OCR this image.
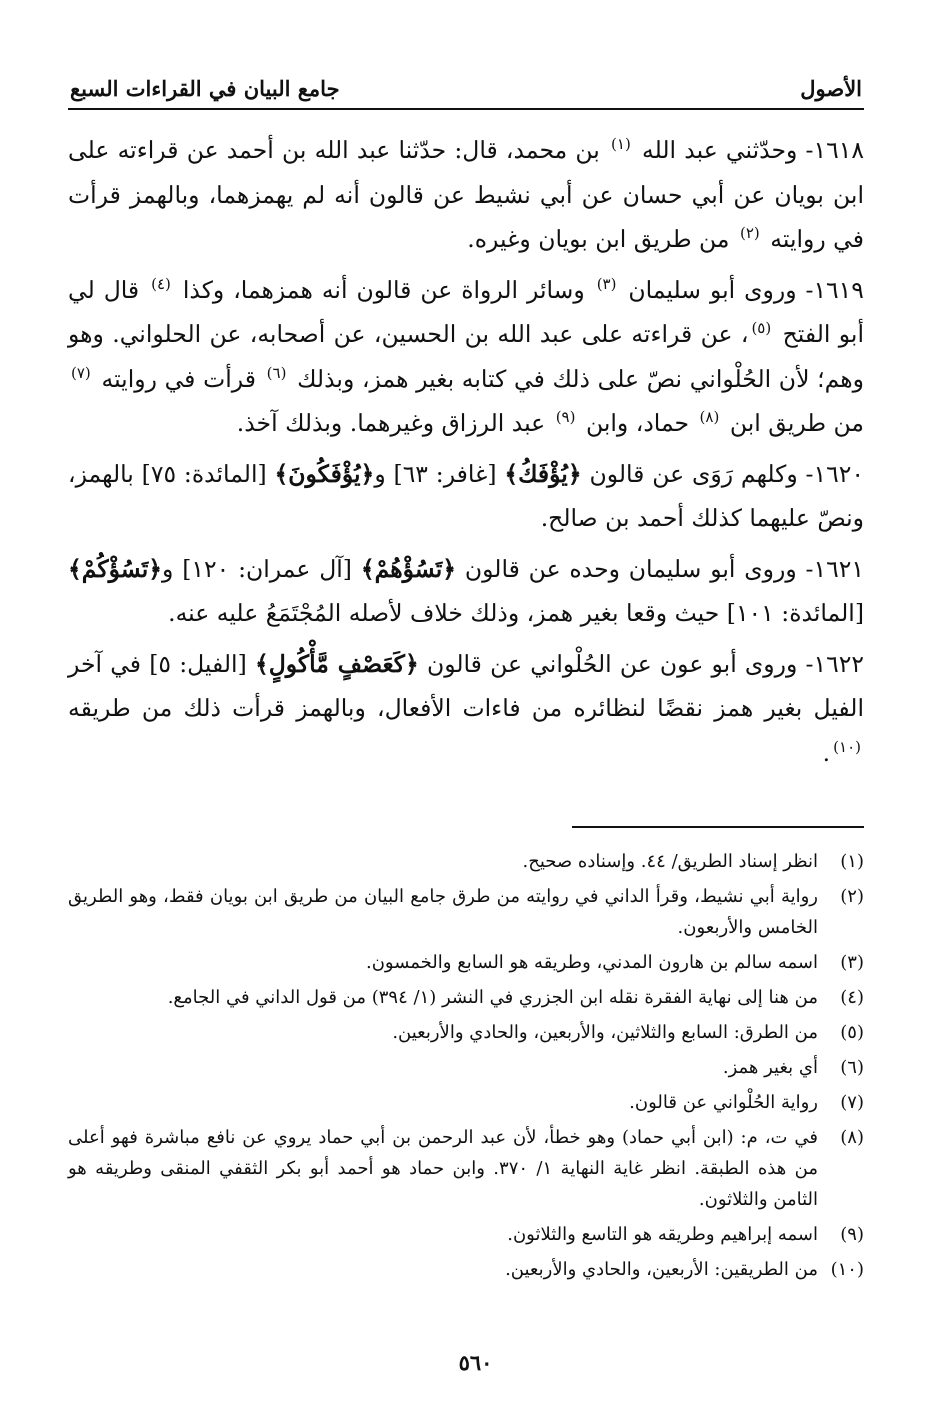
الأصول
جامع البيان في القراءات السبع

١٦١٨- وحدّثني عبد الله $^{(١)}$ بن محمد، قال: حدّثنا عبد الله بن أحمد عن قراءته على ابن بويان عن أبي حسان عن أبي نشيط عن قالون أنه لم يهمزهما، وبالهمز قرأت في روايته $^{(٢)}$ من طريق ابن بويان وغيره.

١٦١٩- وروى أبو سليمان $^{(٣)}$ وسائر الرواة عن قالون أنه همزهما، وكذا $^{(٤)}$ قال لي أبو الفتح $^{(٥)}$، عن قراءته على عبد الله بن الحسين، عن أصحابه، عن الحلواني. وهو وهم؛ لأن الحُلْواني نصّ على ذلك في كتابه بغير همز، وبذلك $^{(٦)}$ قرأت في روايته $^{(٧)}$ من طريق ابن $^{(٨)}$ حماد، وابن $^{(٩)}$ عبد الرزاق وغيرهما. وبذلك آخذ.

١٦٢٠- وكلهم رَوَى عن قالون ﴿يُؤْفَكُ﴾ [غافر: ٦٣] و﴿يُؤْفَكُونَ﴾ [المائدة: ٧٥] بالهمز، ونصّ عليهما كذلك أحمد بن صالح.

١٦٢١- وروى أبو سليمان وحده عن قالون ﴿تَسُؤْهُمْ﴾ [آل عمران: ١٢٠] و﴿تَسُؤْكُمْ﴾ [المائدة: ١٠١] حيث وقعا بغير همز، وذلك خلاف لأصله المُجْتَمَعُ عليه عنه.

١٦٢٢- وروى أبو عون عن الحُلْواني عن قالون ﴿كَعَصْفٍ مَّأْكُولٍ﴾ [الفيل: ٥] في آخر الفيل بغير همز نقضًا لنظائره من فاءات الأفعال، وبالهمز قرأت ذلك من طريقه $^{(١٠)}$.

(١)
انظر إسناد الطريق/ ٤٤. وإسناده صحيح.
(٢)
رواية أبي نشيط، وقرأ الداني في روايته من طرق جامع البيان من طريق ابن بويان فقط، وهو الطريق الخامس والأربعون.
(٣)
اسمه سالم بن هارون المدني، وطريقه هو السابع والخمسون.
(٤)
من هنا إلى نهاية الفقرة نقله ابن الجزري في النشر (١/ ٣٩٤) من قول الداني في الجامع.
(٥)
من الطرق: السابع والثلاثين، والأربعين، والحادي والأربعين.
(٦)
أي بغير همز.
(٧)
رواية الحُلْواني عن قالون.
(٨)
في ت، م: (ابن أبي حماد) وهو خطأ، لأن عبد الرحمن بن أبي حماد يروي عن نافع مباشرة فهو أعلى من هذه الطبقة. انظر غاية النهاية ١/ ٣٧٠. وابن حماد هو أحمد أبو بكر الثقفي المنقى وطريقه هو الثامن والثلاثون.
(٩)
اسمه إبراهيم وطريقه هو التاسع والثلاثون.
(١٠)
من الطريقين: الأربعين، والحادي والأربعين.
٥٦٠
